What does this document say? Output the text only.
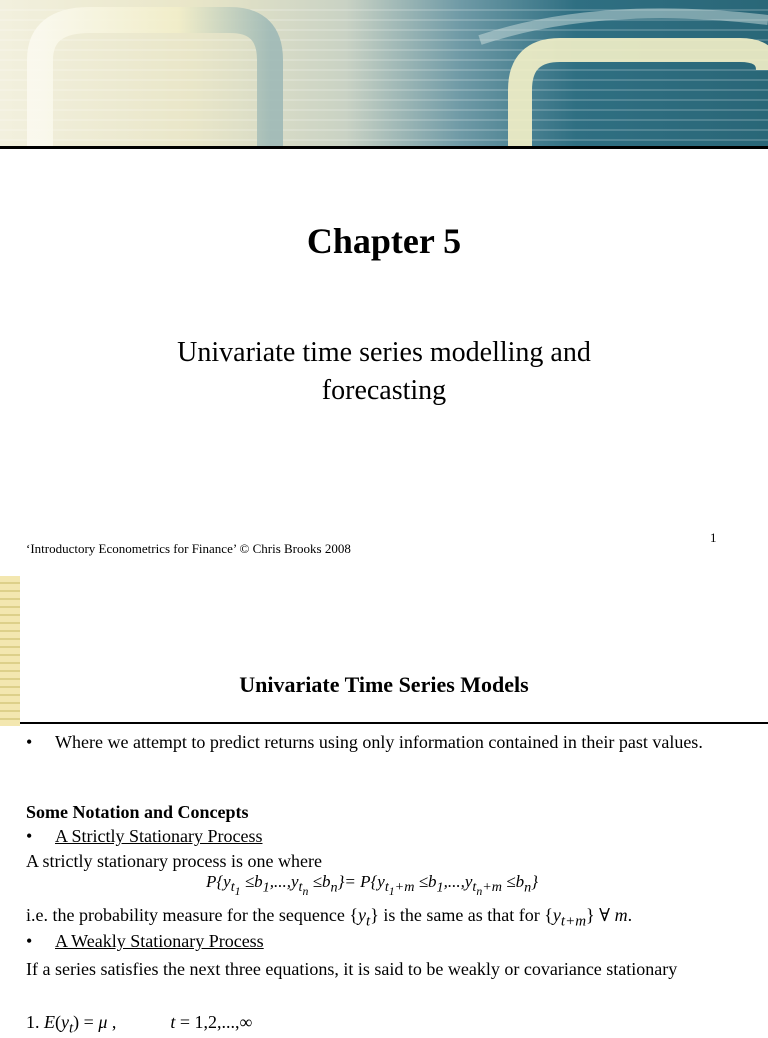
Chapter 5
Univariate time series modelling and forecasting
1
‘Introductory Econometrics for Finance’ © Chris Brooks 2008
Univariate Time Series Models
• Where we attempt to predict returns using only information contained in their past values.
Some Notation and Concepts
• A Strictly Stationary Process
A strictly stationary process is one where
$P\{y_{t_1} \le b_1,...,y_{t_n} \le b_n\}= P\{y_{t_1+m} \le b_1,...,y_{t_n+m} \le b_n\}$
i.e. the probability measure for the sequence $\{y_t\}$ is the same as that for $\{y_{t+m}\}$ ∀ m.
• A Weakly Stationary Process
If a series satisfies the next three equations, it is said to be weakly or covariance stationary
1. $E(y_t) = \mu$ ,            t = 1,2,...,∞
